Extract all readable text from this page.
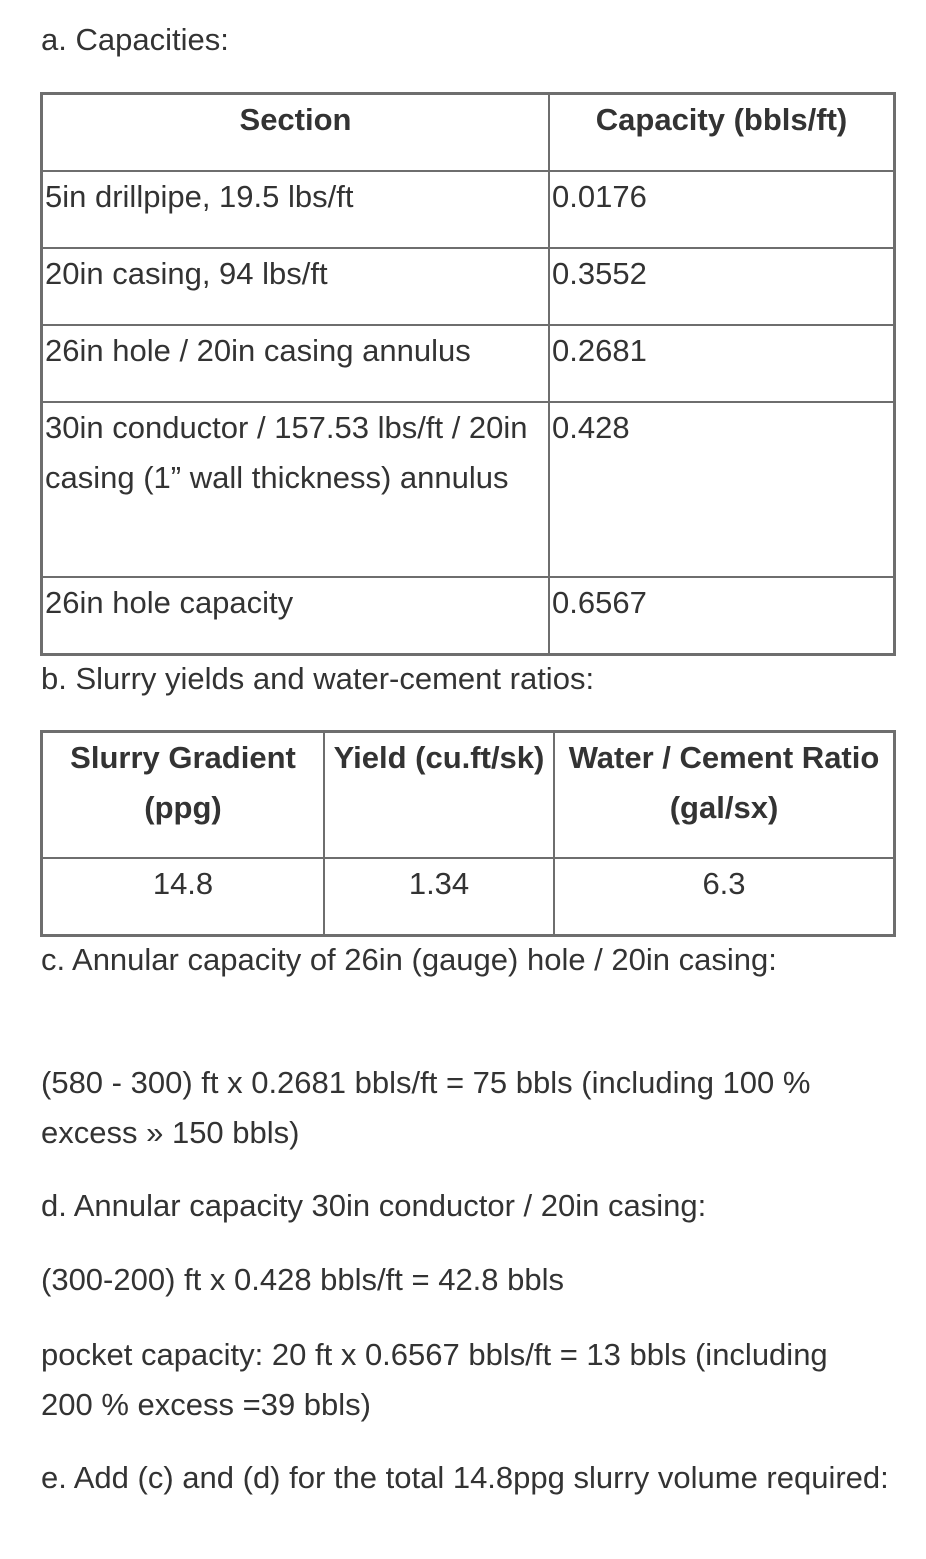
a. Capacities:

Section	Capacity (bbls/ft)
5in drillpipe, 19.5 lbs/ft	0.0176
20in casing, 94 lbs/ft	0.3552
26in hole / 20in casing annulus	0.2681
30in conductor / 157.53 lbs/ft / 20in casing (1” wall thickness) annulus	0.428
26in hole capacity	0.6567

b. Slurry yields and water-cement ratios:

Slurry Gradient (ppg)	Yield (cu.ft/sk)	Water / Cement Ratio (gal/sx)
14.8	1.34	6.3

c. Annular capacity of 26in (gauge) hole / 20in casing:

(580 - 300) ft x 0.2681 bbls/ft = 75 bbls (including 100 % excess » 150 bbls)

d. Annular capacity 30in conductor / 20in casing:

(300-200) ft x 0.428 bbls/ft = 42.8 bbls

pocket capacity: 20 ft x 0.6567 bbls/ft = 13 bbls (including 200 % excess =39 bbls)

e. Add (c) and (d) for the total 14.8ppg slurry volume required:
